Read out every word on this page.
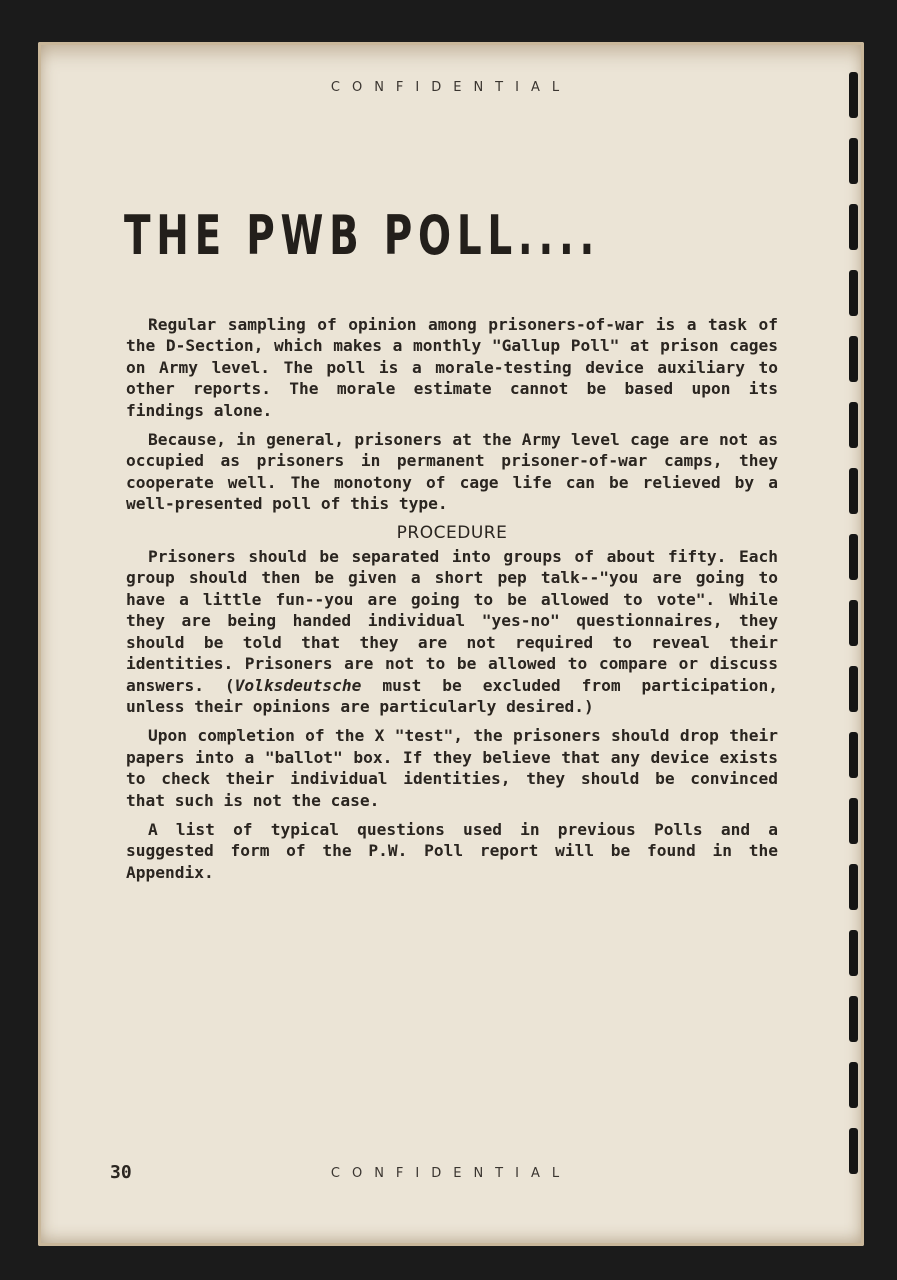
CONFIDENTIAL
THE PWB POLL....

Regular sampling of opinion among prisoners-of-war is a task of the D-Section, which makes a monthly "Gallup Poll" at prison cages on Army level. The poll is a morale-testing device auxiliary to other reports. The morale estimate cannot be based upon its findings alone.

Because, in general, prisoners at the Army level cage are not as occupied as prisoners in permanent prisoner-of-war camps, they cooperate well. The monotony of cage life can be relieved by a well-presented poll of this type.

PROCEDURE

Prisoners should be separated into groups of about fifty. Each group should then be given a short pep talk--"you are going to have a little fun--you are going to be allowed to vote". While they are being handed individual "yes-no" questionnaires, they should be told that they are not required to reveal their identities. Prisoners are not to be allowed to compare or discuss answers. (Volksdeutsche must be excluded from participation, unless their opinions are particularly desired.)

Upon completion of the X "test", the prisoners should drop their papers into a "ballot" box. If they believe that any device exists to check their individual identities, they should be convinced that such is not the case.

A list of typical questions used in previous Polls and a suggested form of the P.W. Poll report will be found in the Appendix.

30	CONFIDENTIAL
